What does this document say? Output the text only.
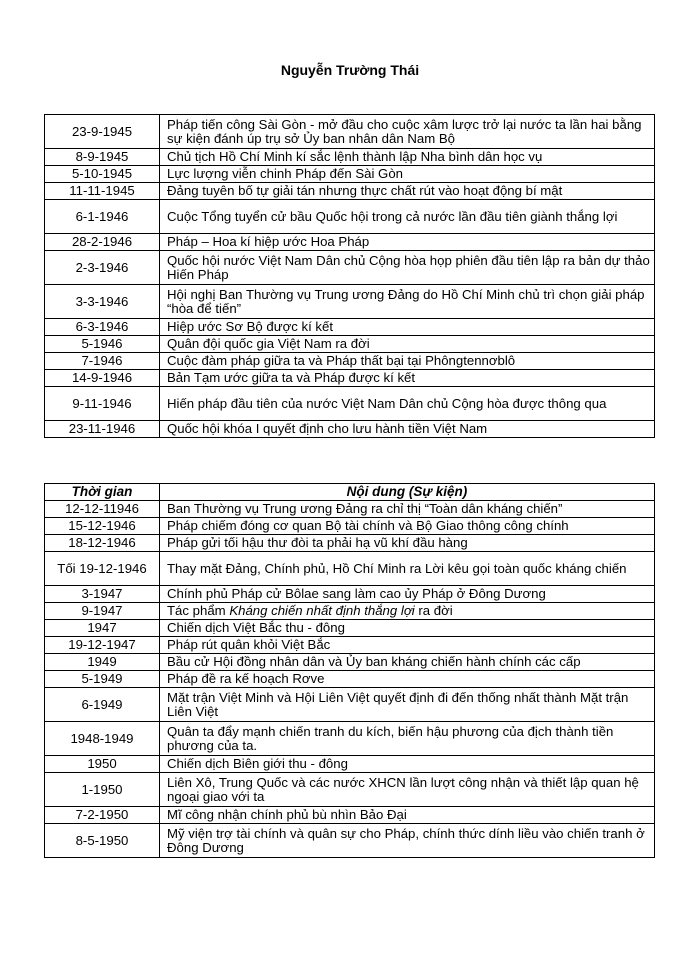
Nguyễn Trường Thái
23-9-1945	Pháp tiến công Sài Gòn - mở đầu cho cuộc xâm lược trở lại nước ta lần hai bằng sự kiện đánh úp trụ sở Ủy ban nhân dân Nam Bộ
8-9-1945	Chủ tịch Hồ Chí Minh kí sắc lệnh thành lập Nha bình dân học vụ
5-10-1945	Lực lượng viễn chinh Pháp đến Sài Gòn
11-11-1945	Đảng tuyên bố tự giải tán nhưng thực chất rút vào hoạt động bí mật
6-1-1946	Cuộc Tổng tuyển cử bầu Quốc hội trong cả nước lần đầu tiên giành thắng lợi
28-2-1946	Pháp – Hoa kí hiệp ước Hoa Pháp
2-3-1946	Quốc hội nước Việt Nam Dân chủ Cộng hòa họp phiên đầu tiên lập ra bản dự thảo Hiến Pháp
3-3-1946	Hội nghị Ban Thường vụ Trung ương Đảng do Hồ Chí Minh chủ trì chọn giải pháp “hòa để tiến”
6-3-1946	Hiệp ước Sơ Bộ được kí kết
5-1946	Quân đội quốc gia Việt Nam ra đời
7-1946	Cuộc đàm pháp giữa ta và Pháp thất bại tại Phôngtennơblô
14-9-1946	Bản Tạm ước giữa ta và Pháp được kí kết
9-11-1946	Hiến pháp đầu tiên của nước Việt Nam Dân chủ Cộng hòa được thông qua
23-11-1946	Quốc hội khóa I quyết định cho lưu hành tiền Việt Nam
Thời gian	Nội dung (Sự kiện)
12-12-11946	Ban Thường vụ Trung ương Đảng ra chỉ thị “Toàn dân kháng chiến”
15-12-1946	Pháp chiếm đóng cơ quan Bộ tài chính và Bộ Giao thông công chính
18-12-1946	Pháp gửi tối hậu thư đòi ta phải hạ vũ khí đầu hàng
Tối 19-12-1946	Thay mặt Đảng, Chính phủ, Hồ Chí Minh ra Lời kêu gọi toàn quốc kháng chiến
3-1947	Chính phủ Pháp cử Bôlae sang làm cao ủy Pháp ở Đông Dương
9-1947	Tác phẩm Kháng chiến nhất định thắng lợi ra đời
1947	Chiến dịch Việt Bắc thu - đông
19-12-1947	Pháp rút quân khỏi Việt Bắc
1949	Bầu cử Hội đồng nhân dân và Ủy ban kháng chiến hành chính các cấp
5-1949	Pháp đề ra kế hoạch Rơve
6-1949	Mặt trận Việt Minh và Hội Liên Việt quyết định đi đến thống nhất thành Mặt trận Liên Việt
1948-1949	Quân ta đẩy mạnh chiến tranh du kích, biến hậu phương của địch thành tiền phương của ta.
1950	Chiến dịch Biên giới thu - đông
1-1950	Liên Xô, Trung Quốc và các nước XHCN lần lượt công nhận và thiết lập quan hệ ngoại giao với ta
7-2-1950	Mĩ công nhận chính phủ bù nhìn Bảo Đại
8-5-1950	Mỹ viện trợ tài chính và quân sự cho Pháp, chính thức dính liều vào chiến tranh ở Đông Dương
